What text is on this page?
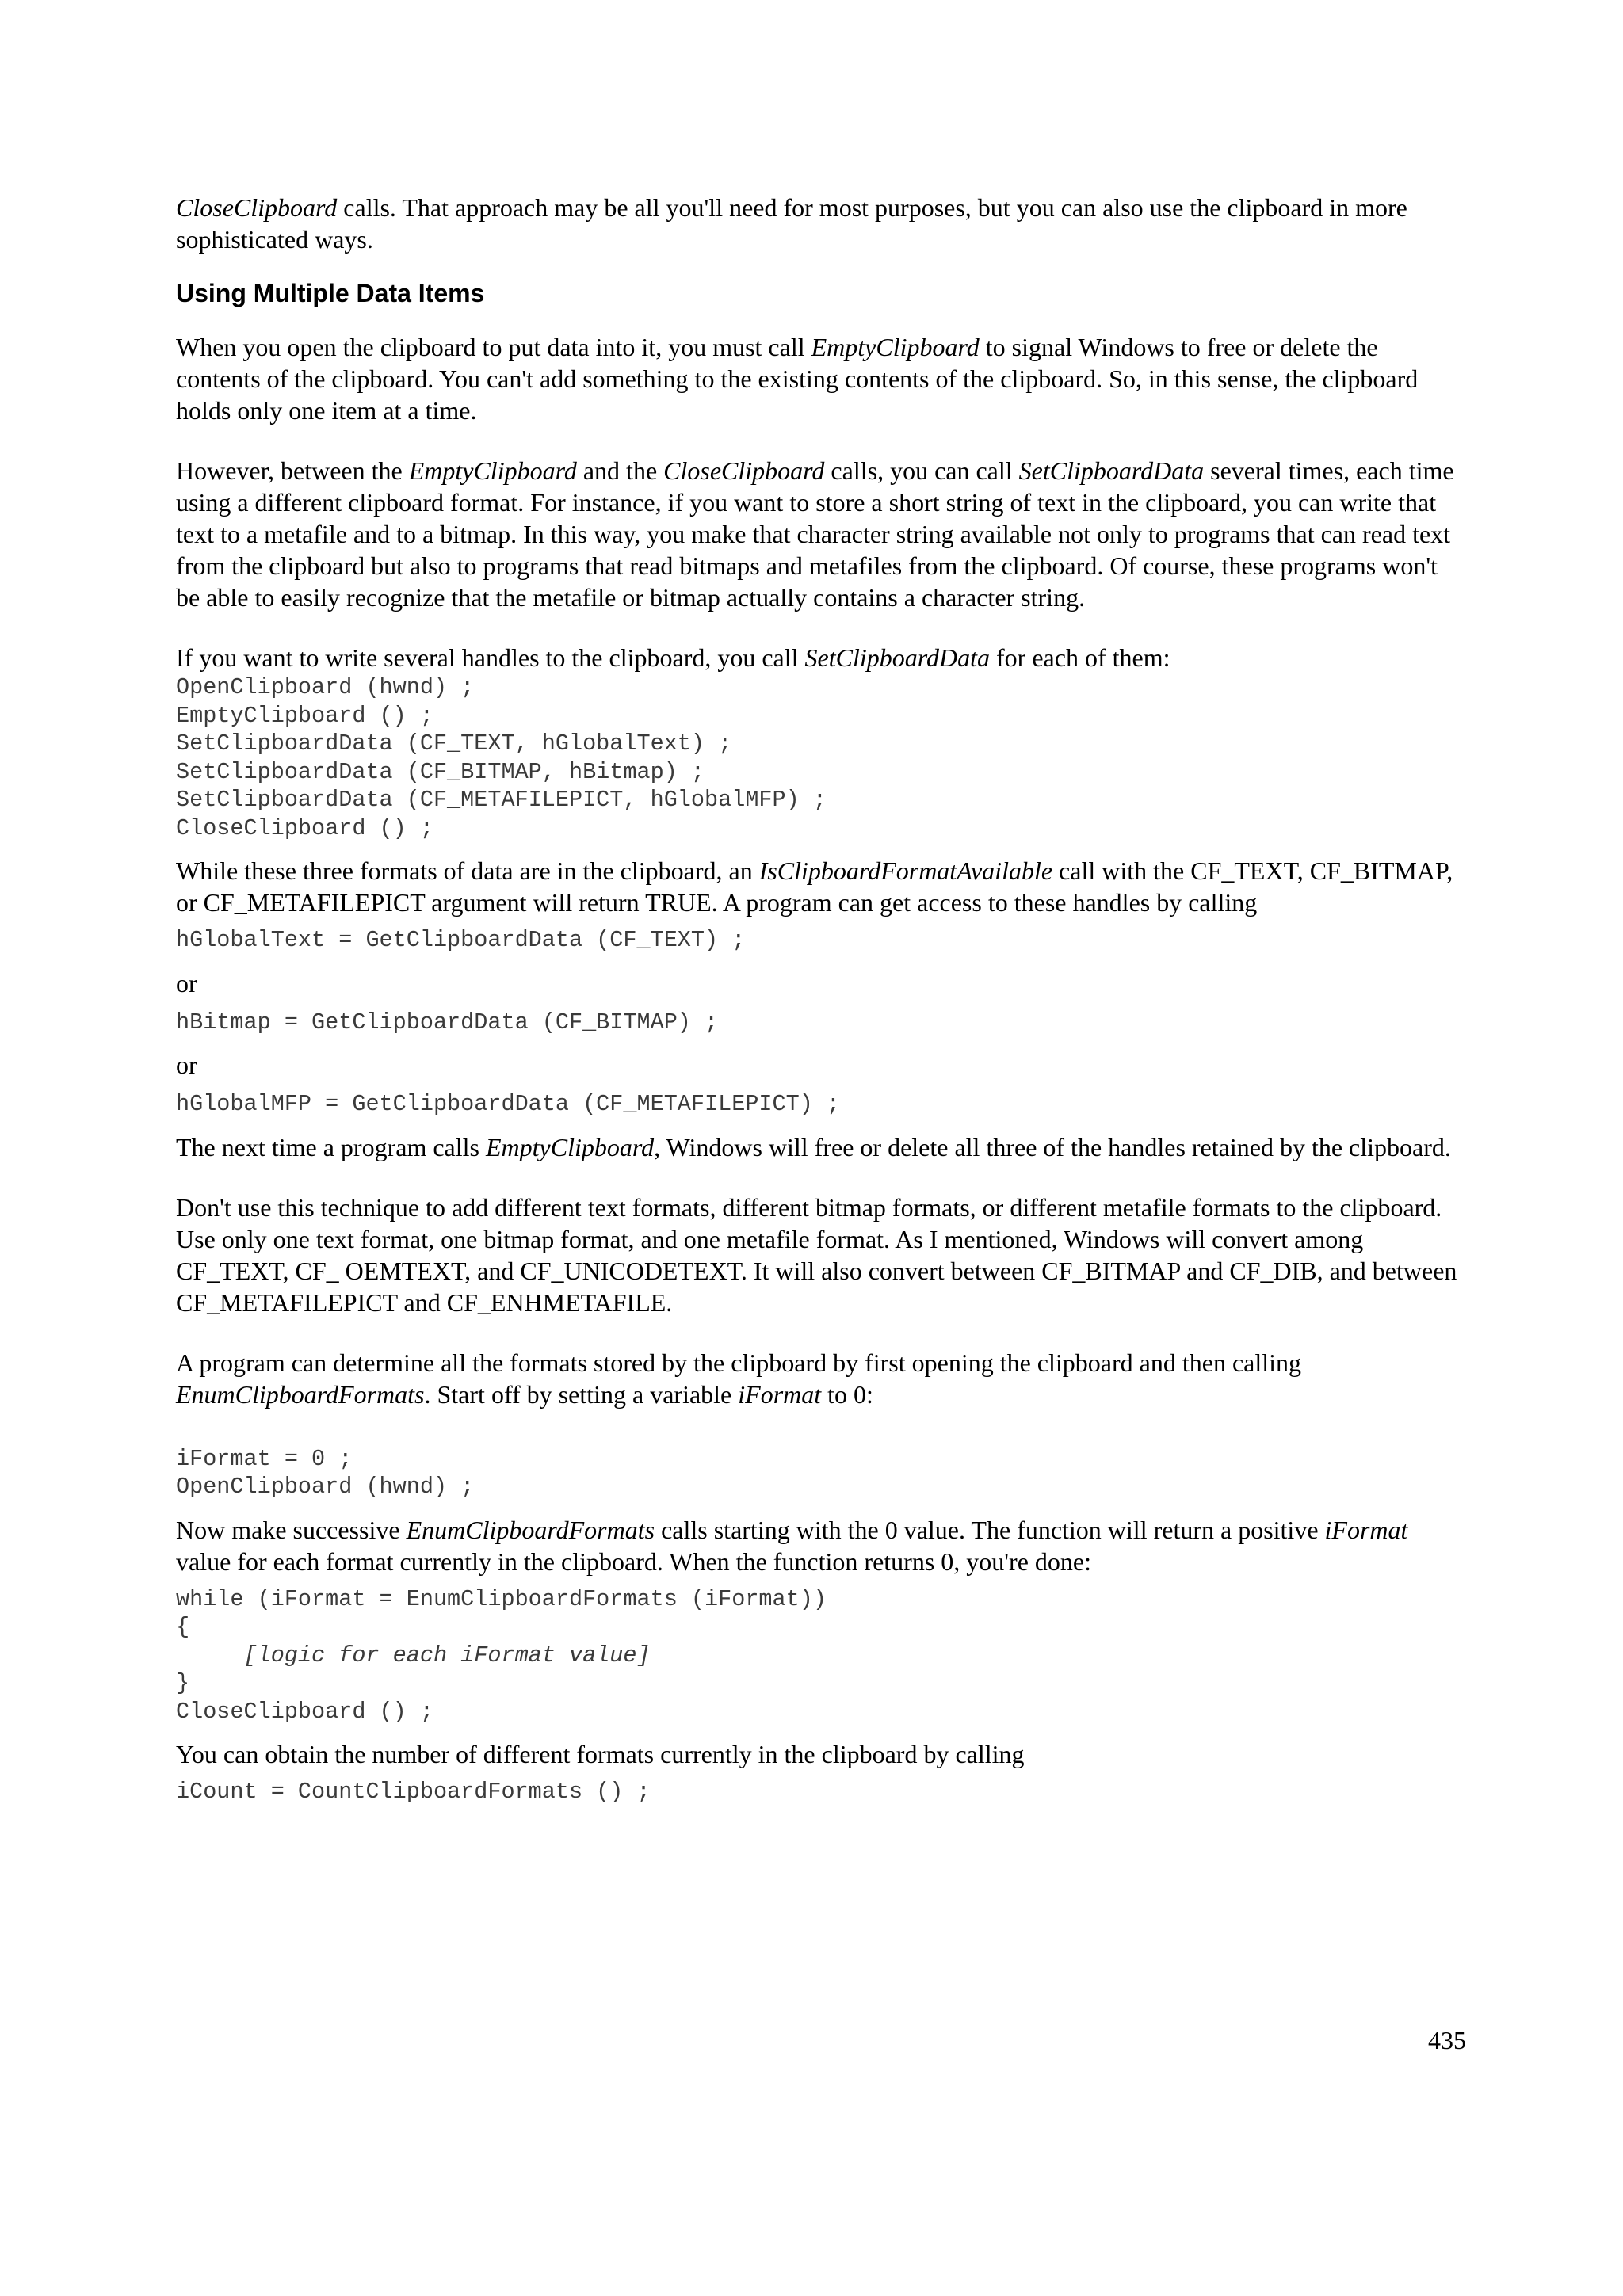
CloseClipboard calls. That approach may be all you'll need for most purposes, but you can also use the clipboard in more sophisticated ways.

Using Multiple Data Items

When you open the clipboard to put data into it, you must call EmptyClipboard to signal Windows to free or delete the contents of the clipboard. You can't add something to the existing contents of the clipboard. So, in this sense, the clipboard holds only one item at a time.

However, between the EmptyClipboard and the CloseClipboard calls, you can call SetClipboardData several times, each time using a different clipboard format. For instance, if you want to store a short string of text in the clipboard, you can write that text to a metafile and to a bitmap. In this way, you make that character string available not only to programs that can read text from the clipboard but also to programs that read bitmaps and metafiles from the clipboard. Of course, these programs won't be able to easily recognize that the metafile or bitmap actually contains a character string.

If you want to write several handles to the clipboard, you call SetClipboardData for each of them:

OpenClipboard (hwnd) ;
EmptyClipboard () ;
SetClipboardData (CF_TEXT, hGlobalText) ;
SetClipboardData (CF_BITMAP, hBitmap) ;
SetClipboardData (CF_METAFILEPICT, hGlobalMFP) ;
CloseClipboard () ;

While these three formats of data are in the clipboard, an IsClipboardFormatAvailable call with the CF_TEXT, CF_BITMAP, or CF_METAFILEPICT argument will return TRUE. A program can get access to these handles by calling

hGlobalText = GetClipboardData (CF_TEXT) ;

or

hBitmap = GetClipboardData (CF_BITMAP) ;

or

hGlobalMFP = GetClipboardData (CF_METAFILEPICT) ;

The next time a program calls EmptyClipboard, Windows will free or delete all three of the handles retained by the clipboard.

Don't use this technique to add different text formats, different bitmap formats, or different metafile formats to the clipboard. Use only one text format, one bitmap format, and one metafile format. As I mentioned, Windows will convert among CF_TEXT, CF_ OEMTEXT, and CF_UNICODETEXT. It will also convert between CF_BITMAP and CF_DIB, and between CF_METAFILEPICT and CF_ENHMETAFILE.

A program can determine all the formats stored by the clipboard by first opening the clipboard and then calling EnumClipboardFormats. Start off by setting a variable iFormat to 0:

iFormat = 0 ;
OpenClipboard (hwnd) ;

Now make successive EnumClipboardFormats calls starting with the 0 value. The function will return a positive iFormat value for each format currently in the clipboard. When the function returns 0, you're done:

while (iFormat = EnumClipboardFormats (iFormat))
{
[logic for each iFormat value]
}
CloseClipboard () ;

You can obtain the number of different formats currently in the clipboard by calling

iCount = CountClipboardFormats () ;
435
